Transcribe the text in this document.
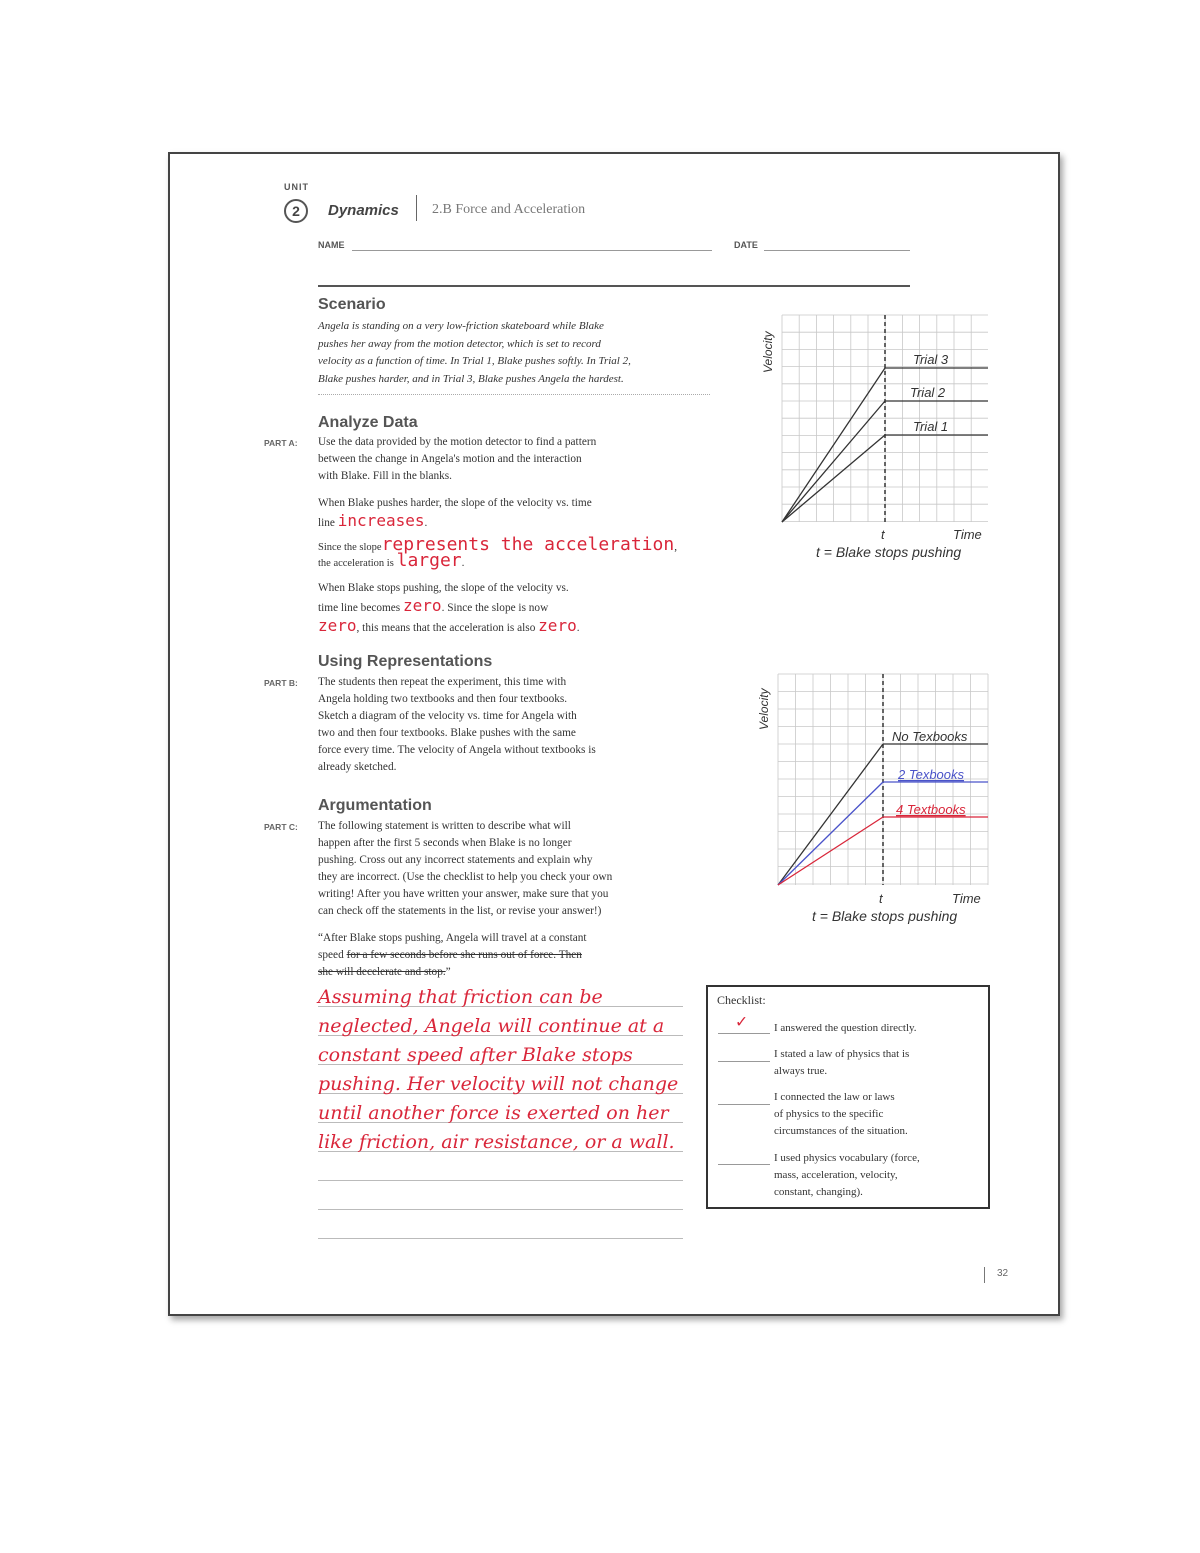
UNIT
2	Dynamics 2.B Force and Acceleration
NAME	DATE
Scenario
Angela is standing on a very low-friction skateboard while Blake
pushes her away from the motion detector, which is set to record
velocity as a function of time. In Trial 1, Blake pushes softly. In Trial 2,
Blake pushes harder, and in Trial 3, Blake pushes Angela the hardest.
Analyze Data
PART A: Use the data provided by the motion detector to find a pattern
between the change in Angela's motion and the interaction
with Blake. Fill in the blanks.
When Blake pushes harder, the slope of the velocity vs. time
line increases.
Since the sloperepresents the acceleration,
the acceleration is larger.
When Blake stops pushing, the slope of the velocity vs.
time line becomes zero. Since the slope is now
zero, this means that the acceleration is also zero.
Using Representations
PART B: The students then repeat the experiment, this time with
Angela holding two textbooks and then four textbooks.
Sketch a diagram of the velocity vs. time for Angela with
two and then four textbooks. Blake pushes with the same
force every time. The velocity of Angela without textbooks is
already sketched.
Argumentation
PART C: The following statement is written to describe what will
happen after the first 5 seconds when Blake is no longer
pushing. Cross out any incorrect statements and explain why
they are incorrect. (Use the checklist to help you check your own
writing! After you have written your answer, make sure that you
can check off the statements in the list, or revise your answer!)
“After Blake stops pushing, Angela will travel at a constant
speed for a few seconds before she runs out of force. Then
she will decelerate and stop.”
Assuming that friction can be
neglected, Angela will continue at a
constant speed after Blake stops
pushing. Her velocity will not change
until another force is exerted on her
like friction, air resistance, or a wall.
Trial 3
Trial 2
Trial 1
Velocity
t	Time
t = Blake stops pushing
No Texbooks
2 Texbooks
4 Textbooks
Velocity
t	Time
t = Blake stops pushing
Checklist:
✓ I answered the question directly.
I stated a law of physics that is
always true.
I connected the law or laws
of physics to the specific
circumstances of the situation.
I used physics vocabulary (force,
mass, acceleration, velocity,
constant, changing).
32
